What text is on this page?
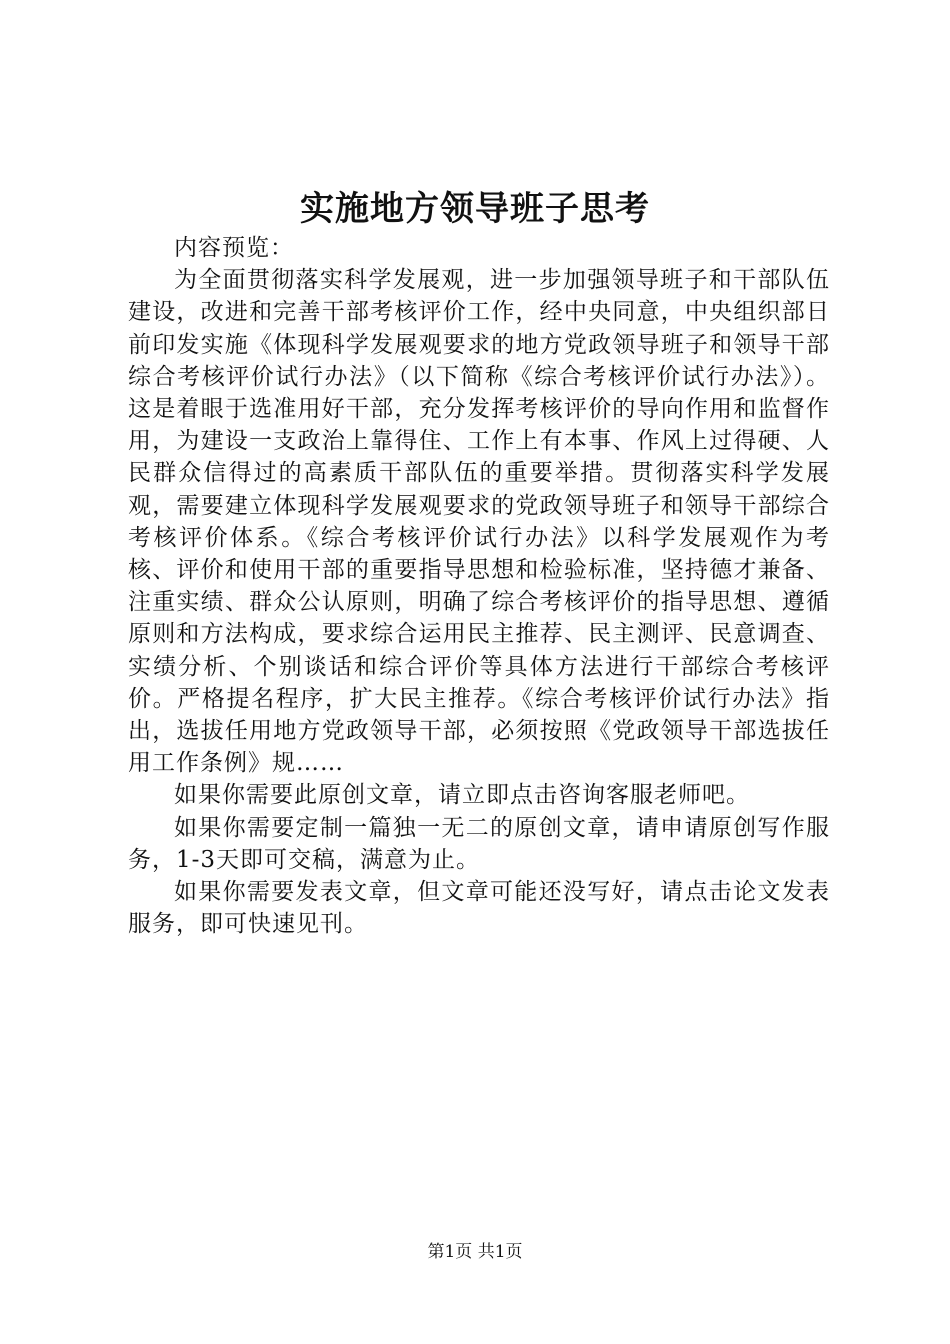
实施地方领导班子思考

内容预览：

为全面贯彻落实科学发展观，进一步加强领导班子和干部队伍建设，改进和完善干部考核评价工作，经中央同意，中央组织部日前印发实施《体现科学发展观要求的地方党政领导班子和领导干部综合考核评价试行办法》（以下简称《综合考核评价试行办法》）。这是着眼于选准用好干部，充分发挥考核评价的导向作用和监督作用，为建设一支政治上靠得住、工作上有本事、作风上过得硬、人民群众信得过的高素质干部队伍的重要举措。贯彻落实科学发展观，需要建立体现科学发展观要求的党政领导班子和领导干部综合考核评价体系。《综合考核评价试行办法》以科学发展观作为考核、评价和使用干部的重要指导思想和检验标准，坚持德才兼备、注重实绩、群众公认原则，明确了综合考核评价的指导思想、遵循原则和方法构成，要求综合运用民主推荐、民主测评、民意调查、实绩分析、个别谈话和综合评价等具体方法进行干部综合考核评价。严格提名程序，扩大民主推荐。《综合考核评价试行办法》指出，选拔任用地方党政领导干部，必须按照《党政领导干部选拔任用工作条例》规……

如果你需要此原创文章，请立即点击咨询客服老师吧。

如果你需要定制一篇独一无二的原创文章，请申请原创写作服务，1-3天即可交稿，满意为止。

如果你需要发表文章，但文章可能还没写好，请点击论文发表服务，即可快速见刊。

第1页 共1页
